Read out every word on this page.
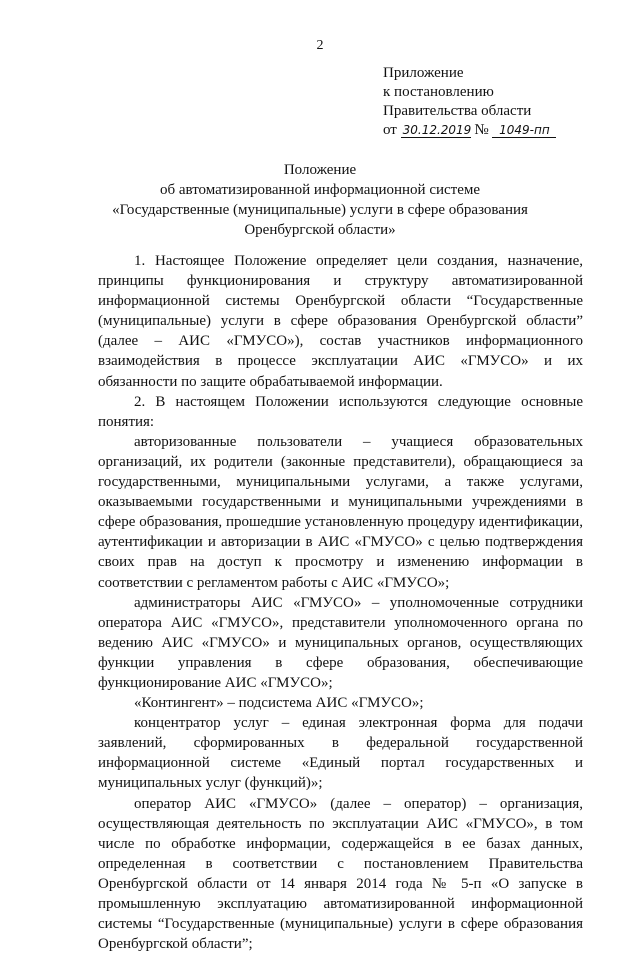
2
Приложение
к постановлению
Правительства области
от 30.12.2019 № 1049-пп
Положение
об автоматизированной информационной системе
«Государственные (муниципальные) услуги в сфере образования
Оренбургской области»

1. Настоящее Положение определяет цели создания, назначение, принципы функционирования и структуру автоматизированной информационной системы Оренбургской области “Государственные (муниципальные) услуги в сфере образования Оренбургской области” (далее – АИС «ГМУСО»), состав участников информационного взаимодействия в процессе эксплуатации АИС «ГМУСО» и их обязанности по защите обрабатываемой информации.

2. В настоящем Положении используются следующие основные понятия:

авторизованные пользователи – учащиеся образовательных организаций, их родители (законные представители), обращающиеся за государственными, муниципальными услугами, а также услугами, оказываемыми государственными и муниципальными учреждениями в сфере образования, прошедшие установленную процедуру идентификации, аутентификации и авторизации в АИС «ГМУСО» с целью подтверждения своих прав на доступ к просмотру и изменению информации в соответствии с регламентом работы с АИС «ГМУСО»;

администраторы АИС «ГМУСО» – уполномоченные сотрудники оператора АИС «ГМУСО», представители уполномоченного органа по ведению АИС «ГМУСО» и муниципальных органов, осуществляющих функции управления в сфере образования, обеспечивающие функционирование АИС «ГМУСО»;

«Контингент» – подсистема АИС «ГМУСО»;

концентратор услуг – единая электронная форма для подачи заявлений, сформированных в федеральной государственной информационной системе «Единый портал государственных и муниципальных услуг (функций)»;

оператор АИС «ГМУСО» (далее – оператор) – организация, осуществляющая деятельность по эксплуатации АИС «ГМУСО», в том числе по обработке информации, содержащейся в ее базах данных, определенная в соответствии с постановлением Правительства Оренбургской области от 14 января 2014 года № 5-п «О запуске в промышленную эксплуатацию автоматизированной информационной системы “Государственные (муниципальные) услуги в сфере образования Оренбургской области”;
